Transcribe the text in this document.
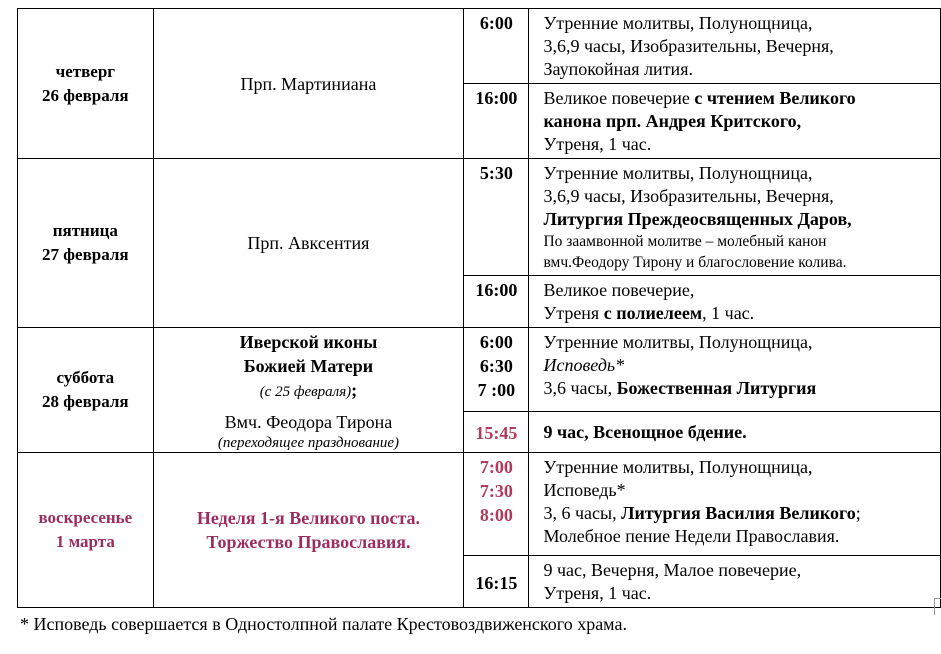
четверг
26 февраля	Прп. Мартиниана	6:00	Утренние молитвы, Полунощница,
3,6,9 часы, Изобразительны, Вечерня,
Заупокойная лития.

		16:00	Великое повечерие с чтением Великого
канона прп. Андрея Критского,
Утреня, 1 час.

пятница
27 февраля	Прп. Авксентия	5:30	Утренние молитвы, Полунощница,
3,6,9 часы, Изобразительны, Вечерня,
Литургия Преждеосвященных Даров,
По заамвонной молитве – молебный канон
вмч.Феодору Тирону и благословение колива.

		16:00	Великое повечерие,
Утреня с полиелеем, 1 час.

суббота
28 февраля	Иверской иконы
Божией Матери
(с 25 февраля);
Вмч. Феодора Тирона
(переходящее празднование)	6:00
6:30
7 :00	Утренние молитвы, Полунощница,
Исповедь*
3,6 часы, Божественная Литургия

		15:45	9 час, Всенощное бдение.

воскресенье
1 марта	Неделя 1-я Великого поста.
Торжество Православия.	7:00
7:30
8:00	Утренние молитвы, Полунощница,
Исповедь*
3, 6 часы, Литургия Василия Великого;
Молебное пение Недели Православия.

		16:15	9 час, Вечерня, Малое повечерие,
Утреня, 1 час.
* Исповедь совершается в Одностолпной палате Крестовоздвиженского храма.
